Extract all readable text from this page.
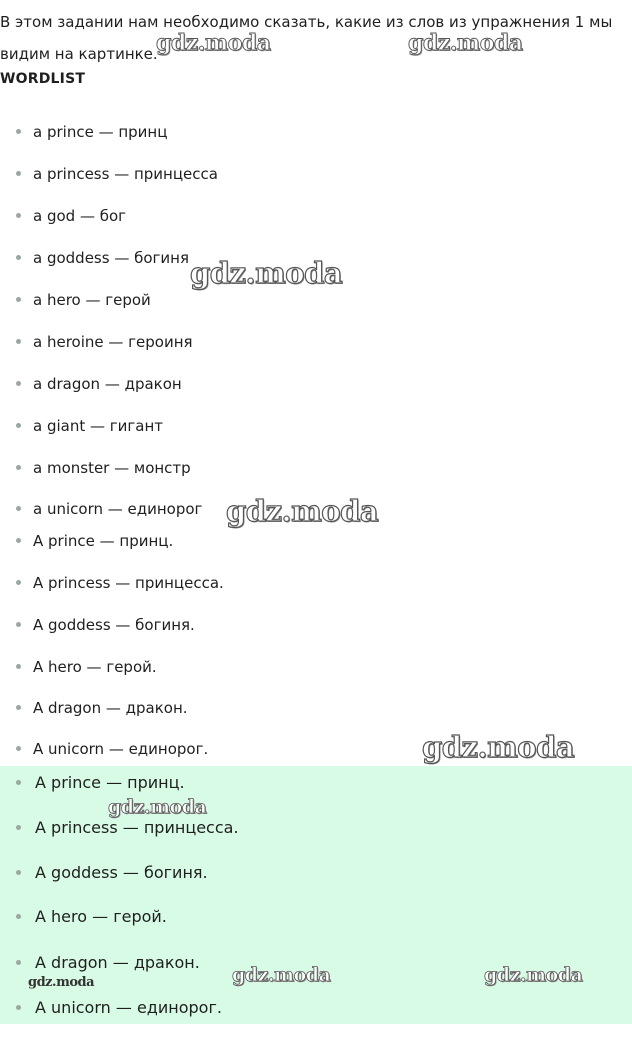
В этом задании нам необходимо сказать, какие из слов из упражнения 1 мы видим на картинке.

WORDLIST
a prince — принц
a princess — принцесса
a god — бог
a goddess — богиня
a hero — герой
a heroine — героиня
a dragon — дракон
a giant — гигант
a monster — монстр
a unicorn — единорог
A prince — принц.
A princess — принцесса.
A goddess — богиня.
A hero — герой.
A dragon — дракон.
A unicorn — единорог.
A prince — принц.
A princess — принцесса.
A goddess — богиня.
A hero — герой.
A dragon — дракон.
A unicorn — единорог.
gdz.moda	gdz.moda
gdz.moda
gdz.moda
gdz.moda
gdz.moda
gdz.moda	gdz.moda
gdz.moda
